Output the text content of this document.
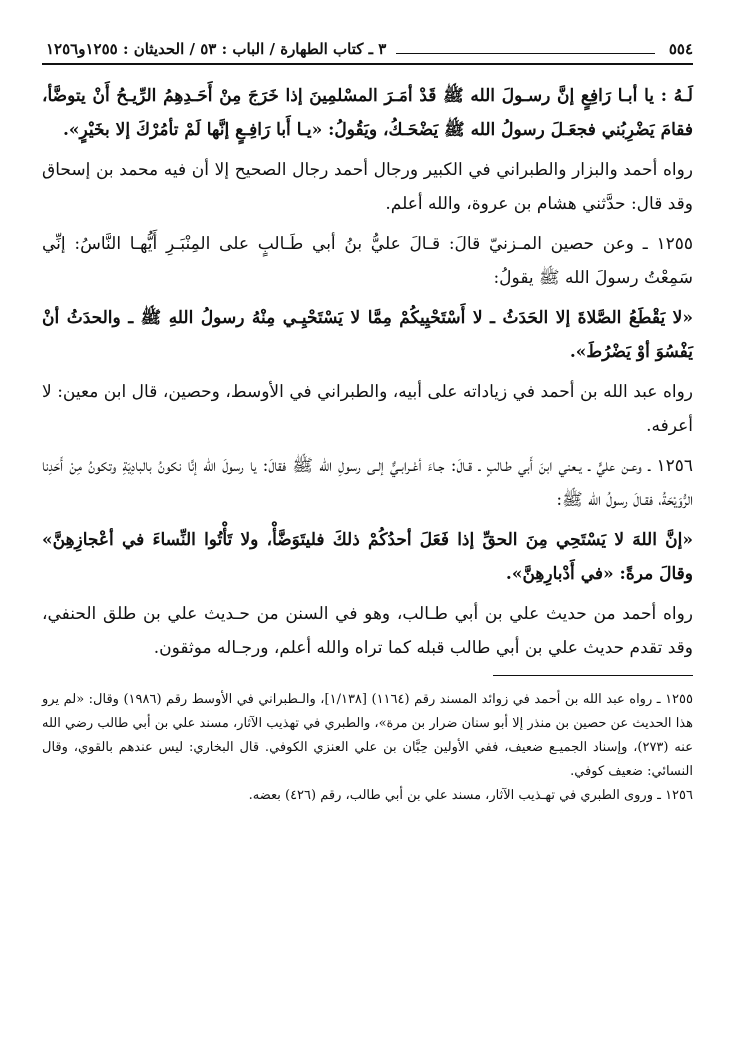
٥٥٤
٣ ـ كتاب الطهارة / الباب : ٥٣ / الحديثان : ١٢٥٥و١٢٥٦

لَـهُ : يا أبـا رَافِعٍ إنَّ رسـولَ الله ﷺ قَدْ أمَـرَ المسْلمِينَ إذا خَرَجَ مِنْ أَحَـدِهِمُ الرِّيـحُ أَنْ يتوضَّأ، فقامَ يَضْرِبُني فجعَـلَ رسولُ الله ﷺ يَضْحَـكُ، ويَقُولُ: «يـا أَبا رَافِـعٍ إنَّها لَمْ تأمُرْكَ إلا بخَيْرٍ».

رواه أحمد والبزار والطبراني في الكبير ورجال أحمد رجال الصحيح إلا أن فيه محمد بن إسحاق وقد قال: حدَّثني هشام بن عروة، والله أعلم.

١٢٥٥ ـ وعن حصين المـزنيّ قالَ: قـالَ عليُّ بنُ أبي طَـالبٍ على المِنْبَـرِ أَيُّهـا النَّاسُ: إنِّي سَمِعْتُ رسولَ الله ﷺ يقولُ:

«لا يَقْطَعُ الصَّلاةَ إلا الحَدَثُ ـ لا أَسْتَحْيِيكُمْ مِمَّا لا يَسْتَحْيِـي مِنْهُ رسولُ اللهِ ﷺ ـ والحدَثُ أنْ يَفْسُوَ أوْ يَضْرُطَ».

رواه عبد الله بن أحمد في زياداته على أبيه، والطبراني في الأوسط، وحصين، قال ابن معين: لا أعرفه.

١٢٥٦ ـ وعـن عليٍّ ـ يـعني ابنَ أَبي طـالبٍ ـ قـالَ: جـاءَ أعْـرابـيٌّ إلـى رسولِ الله ﷺ فقالَ: يا رسولَ الله إنَّا نكونُ بالبادِيَةِ وتكونُ مِنْ أَحَدِنا الرُّوَيْحَةُ، فقـالَ رسولُ الله ﷺ:

«إنَّ اللهَ لا يَسْتَحِي مِنَ الحقِّ إذا فَعَلَ أحدُكُمْ ذلكَ فليتَوَضَّأْ، ولا تَأْتُوا النِّساءَ في أعْجازِهِنَّ» وقالَ مرةً: «في أَدْبارِهِنَّ».

رواه أحمد من حديث علي بن أبي طـالب، وهو في السنن من حـديث علي بن طلق الحنفي، وقد تقدم حديث علي بن أبي طالب قبله كما تراه والله أعلم، ورجـاله موثقون.

١٢٥٥ ـ رواه عبد الله بن أحمد في زوائد المسند رقم (١١٦٤) [١/١٣٨]، والـطبراني في الأوسط رقم (١٩٨٦) وقال: «لم يرو هذا الحديث عن حصين بن منذر إلا أبو سنان ضرار بن مرة»، والطبري في تهذيب الآثار، مسند علي بن أبي طالب رضي الله عنه (٢٧٣)، وإسناد الجميـع ضعيف، ففي الأولين حِبَّان بن علي العنزي الكوفي. قال البخاري: ليس عندهم بالقوي، وقال النسائي: ضعيف كوفي.

١٢٥٦ ـ وروى الطبري في تهـذيب الآثار، مسند علي بن أبي طالب، رقم (٤٢٦) بعضه.
